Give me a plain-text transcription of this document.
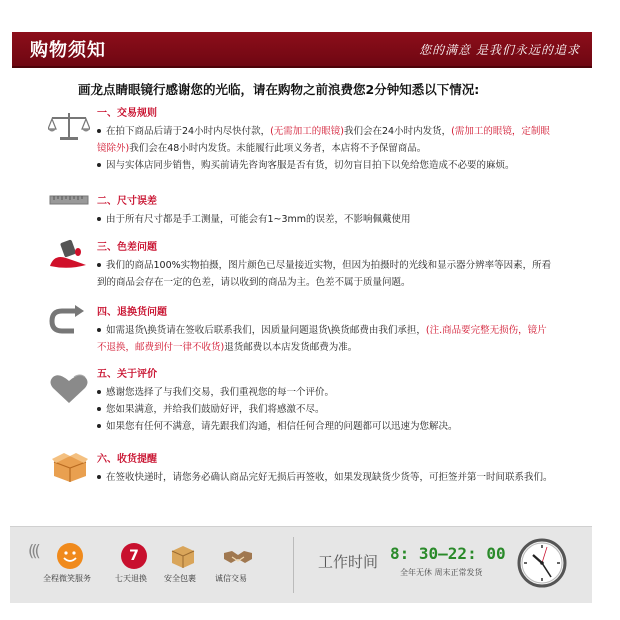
购物须知	您的满意 是我们永远的追求
画龙点睛眼镜行感谢您的光临，请在购物之前浪费您2分钟知悉以下情况:
一、交易规则

在拍下商品后请于24小时内尽快付款，(无需加工的眼镜)我们会在24小时内发货，(需加工的眼镜，定制眼

镜除外)我们会在48小时内发货。未能履行此项义务者，本店将不予保留商品。

因与实体店同步销售，购买前请先咨询客服是否有货，切勿盲目拍下以免给您造成不必要的麻烦。

二、尺寸误差

由于所有尺寸都是手工测量，可能会有1~3mm的误差，不影响佩戴使用

三、色差问题

我们的商品100%实物拍摄，图片颜色已尽量接近实物，但因为拍摄时的光线和显示器分辨率等因素，所看

到的商品会存在一定的色差，请以收到的商品为主。色差不属于质量问题。

四、退换货问题

如需退货\换货请在签收后联系我们，因质量问题退货\换货邮费由我们承担，(注.商品要完整无损伤，镜片

不退换，邮费到付一律不收货)退货邮费以本店发货邮费为准。

五、关于评价

感谢您选择了与我们交易，我们重视您的每一个评价。

您如果满意，并给我们鼓励好评，我们将感激不尽。

如果您有任何不满意，请先跟我们沟通，相信任何合理的问题都可以迅速为您解决。

六、收货提醒

在签收快递时，请您务必确认商品完好无损后再签收，如果发现缺货少货等，可拒签并第一时间联系我们。

(((
全程微笑服务
7
七天退换 安全包裹 诚信交易
工作时间 8: 30—22: 00
全年无休 周末正常发货
